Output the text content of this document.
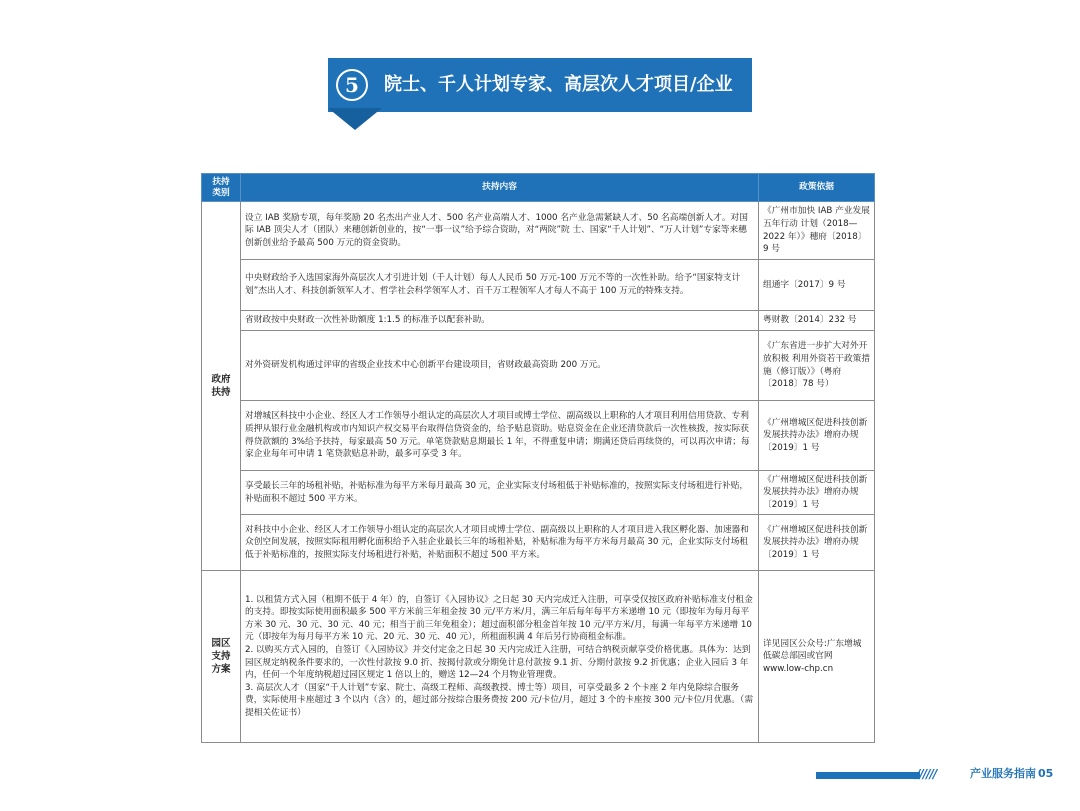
5	院士、千人计划专家、高层次人才项目/企业
扶持类别	扶持内容	政策依据

政府扶持	设立 IAB 奖励专项，每年奖励 20 名杰出产业人才、500 名产业高端人才、1000 名产业急需紧缺人才、50 名高端创新人才。对国际 IAB 顶尖人才（团队）来穗创新创业的，按“一事一议”给予综合资助，对“两院”院 士、国家“千人计划”、“万人计划”专家等来穗创新创业给予最高 500 万元的资金资助。	《广州市加快 IAB 产业发展五年行动 计划（2018—2022 年）》穗府〔2018〕9 号
	中央财政给予入选国家海外高层次人才引进计划（千人计划）每人人民币 50 万元-100 万元不等的一次性补助。给予“国家特支计划”杰出人才、科技创新领军人才、哲学社会科学领军人才、百千万工程领军人才每人不高于 100 万元的特殊支持。	组通字〔2017〕9 号
	省财政按中央财政一次性补助额度 1:1.5 的标准予以配套补助。	粤财教〔2014〕232 号
	对外资研发机构通过评审的省级企业技术中心创新平台建设项目，省财政最高资助 200 万元。	《广东省进一步扩大对外开放积极 利用外资若干政策措施（修订版）》（粤府〔2018〕78 号）
	对增城区科技中小企业、经区人才工作领导小组认定的高层次人才项目或博士学位、副高级以上职称的人才项目利用信用贷款、专利质押从银行业金融机构或市内知识产权交易平台取得信贷资金的，给予贴息资助。贴息资金在企业还清贷款后一次性核拨，按实际获得贷款额的 3%给予扶持，每家最高 50 万元。单笔贷款贴息期最长 1 年，不得重复申请；期满还贷后再续贷的，可以再次申请；每家企业每年可申请 1 笔贷款贴息补助，最多可享受 3 年。	《广州增城区促进科技创新发展扶持办法》增府办规〔2019〕1 号
	享受最长三年的场租补贴，补贴标准为每平方米每月最高 30 元，企业实际支付场租低于补贴标准的，按照实际支付场租进行补贴，补贴面积不超过 500 平方米。	《广州增城区促进科技创新发展扶持办法》增府办规〔2019〕1 号
	对科技中小企业、经区人才工作领导小组认定的高层次人才项目或博士学位、副高级以上职称的人才项目进入我区孵化器、加速器和众创空间发展，按照实际租用孵化面积给予入驻企业最长三年的场租补贴，补贴标准为每平方米每月最高 30 元，企业实际支付场租低于补贴标准的，按照实际支付场租进行补贴，补贴面积不超过 500 平方米。	《广州增城区促进科技创新发展扶持办法》增府办规〔2019〕1 号

园区支持方案	1. 以租赁方式入园（租期不低于 4 年）的，自签订《入园协议》之日起 30 天内完成迁入注册，可享受仅按区政府补贴标准支付租金的支持。即按实际使用面积最多 500 平方米前三年租金按 30 元/平方米/月，满三年后每年每平方米递增 10 元（即按年为每月每平方米 30 元、30 元、30 元、40 元；相当于前三年免租金）；超过面积部分租金首年按 10 元/平方米/月，每满一年每平方米递增 10 元（即按年为每月每平方米 10 元、20 元、30 元、40 元），所租面积满 4 年后另行协商租金标准。
2. 以购买方式入园的，自签订《入园协议》并交付定金之日起 30 天内完成迁入注册，可结合纳税贡献享受价格优惠。具体为：达到园区规定纳税条件要求的，一次性付款按 9.0 折、按揭付款或分期免计息付款按 9.1 折、分期付款按 9.2 折优惠；企业入园后 3 年内，任何一个年度纳税超过园区规定 1 倍以上的，赠送 12—24 个月物业管理费。
3. 高层次人才（国家“千人计划”专家、院士、高级工程师、高级教授、博士等）项目，可享受最多 2 个卡座 2 年内免除综合服务费，实际使用卡座超过 3 个以内（含）的，超过部分按综合服务费按 200 元/卡位/月，超过 3 个的卡座按 300 元/卡位/月优惠。（需提相关佐证书）	详见园区公众号:广东增城低碳总部园或官网 www.low-chp.cn
//////	产业服务指南 05
